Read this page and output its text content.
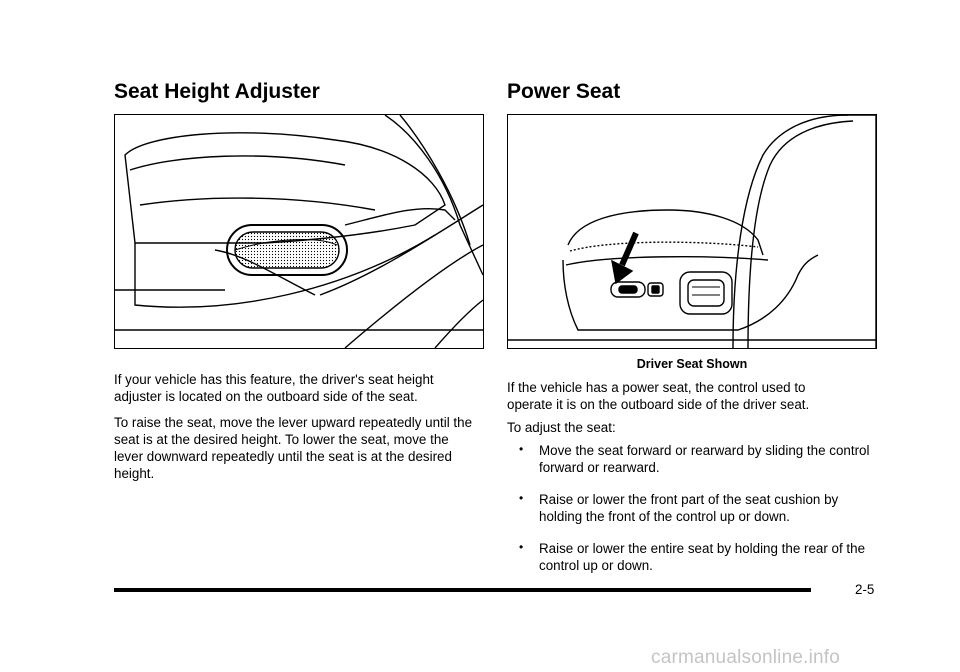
Seat Height Adjuster

If your vehicle has this feature, the driver's seat height adjuster is located on the outboard side of the seat.

To raise the seat, move the lever upward repeatedly until the seat is at the desired height. To lower the seat, move the lever downward repeatedly until the seat is at the desired height.

Power Seat
Driver Seat Shown

If the vehicle has a power seat, the control used to operate it is on the outboard side of the driver seat.

To adjust the seat:

• Move the seat forward or rearward by sliding the control forward or rearward.
• Raise or lower the front part of the seat cushion by holding the front of the control up or down.
• Raise or lower the entire seat by holding the rear of the control up or down.
2-5
carmanualsonline.info
